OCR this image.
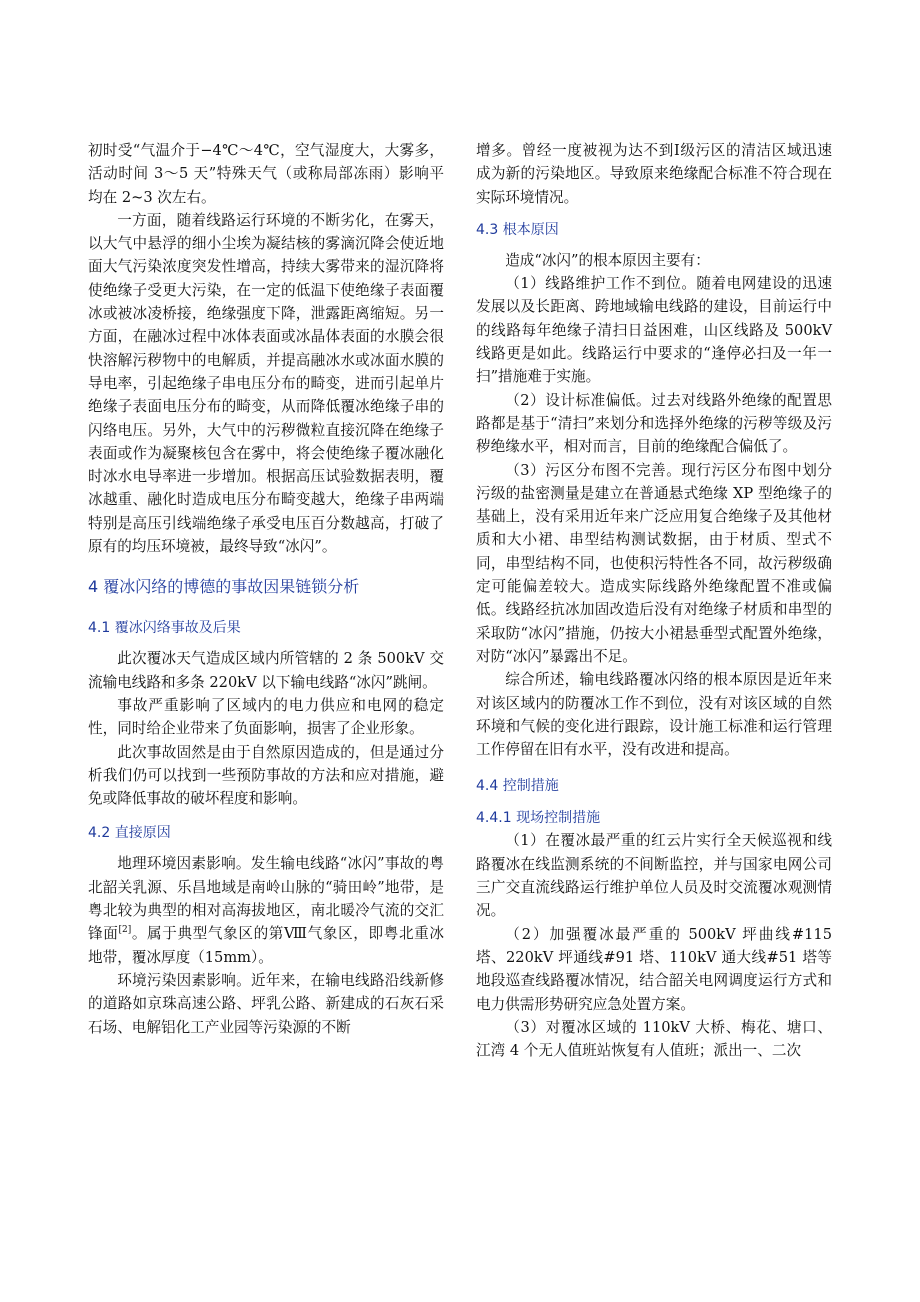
初时受“气温介于−4℃～4℃，空气湿度大，大雾多，活动时间 3～5 天”特殊天气（或称局部冻雨）影响平均在 2~3 次左右。

一方面，随着线路运行环境的不断劣化，在雾天，以大气中悬浮的细小尘埃为凝结核的雾滴沉降会使近地面大气污染浓度突发性增高，持续大雾带来的湿沉降将使绝缘子受更大污染，在一定的低温下使绝缘子表面覆冰或被冰凌桥接，绝缘强度下降，泄露距离缩短。另一方面，在融冰过程中冰体表面或冰晶体表面的水膜会很快溶解污秽物中的电解质，并提高融冰水或冰面水膜的导电率，引起绝缘子串电压分布的畸变，进而引起单片绝缘子表面电压分布的畸变，从而降低覆冰绝缘子串的闪络电压。另外，大气中的污秽微粒直接沉降在绝缘子表面或作为凝聚核包含在雾中，将会使绝缘子覆冰融化时冰水电导率进一步增加。根据高压试验数据表明，覆冰越重、融化时造成电压分布畸变越大，绝缘子串两端特别是高压引线端绝缘子承受电压百分数越高，打破了原有的均压环境被，最终导致“冰闪”。

4 覆冰闪络的博德的事故因果链锁分析
4.1 覆冰闪络事故及后果

此次覆冰天气造成区域内所管辖的 2 条 500kV 交流输电线路和多条 220kV 以下输电线路“冰闪”跳闸。

事故严重影响了区域内的电力供应和电网的稳定性，同时给企业带来了负面影响，损害了企业形象。

此次事故固然是由于自然原因造成的，但是通过分析我们仍可以找到一些预防事故的方法和应对措施，避免或降低事故的破坏程度和影响。

4.2 直接原因

地理环境因素影响。发生输电线路“冰闪”事故的粤北韶关乳源、乐昌地域是南岭山脉的“骑田岭”地带，是粤北较为典型的相对高海拔地区，南北暖冷气流的交汇锋面[2]。属于典型气象区的第Ⅷ气象区，即粤北重冰地带，覆冰厚度（15mm）。

环境污染因素影响。近年来，在输电线路沿线新修的道路如京珠高速公路、坪乳公路、新建成的石灰石采石场、电解铝化工产业园等污染源的不断

增多。曾经一度被视为达不到Ⅰ级污区的清洁区域迅速成为新的污染地区。导致原来绝缘配合标准不符合现在实际环境情况。

4.3 根本原因

造成“冰闪”的根本原因主要有：

（1）线路维护工作不到位。随着电网建设的迅速发展以及长距离、跨地域输电线路的建设，目前运行中的线路每年绝缘子清扫日益困难，山区线路及 500kV 线路更是如此。线路运行中要求的“逢停必扫及一年一扫”措施难于实施。

（2）设计标准偏低。过去对线路外绝缘的配置思路都是基于“清扫”来划分和选择外绝缘的污秽等级及污秽绝缘水平，相对而言，目前的绝缘配合偏低了。

（3）污区分布图不完善。现行污区分布图中划分污级的盐密测量是建立在普通悬式绝缘 XP 型绝缘子的基础上，没有采用近年来广泛应用复合绝缘子及其他材质和大小裙、串型结构测试数据，由于材质、型式不同，串型结构不同，也使积污特性各不同，故污秽级确定可能偏差较大。造成实际线路外绝缘配置不准或偏低。线路经抗冰加固改造后没有对绝缘子材质和串型的采取防“冰闪”措施，仍按大小裙悬垂型式配置外绝缘，对防“冰闪”暴露出不足。

综合所述，输电线路覆冰闪络的根本原因是近年来对该区域内的防覆冰工作不到位，没有对该区域的自然环境和气候的变化进行跟踪，设计施工标准和运行管理工作停留在旧有水平，没有改进和提高。

4.4 控制措施
4.4.1 现场控制措施

（1）在覆冰最严重的红云片实行全天候巡视和线路覆冰在线监测系统的不间断监控，并与国家电网公司三广交直流线路运行维护单位人员及时交流覆冰观测情况。

（2）加强覆冰最严重的 500kV 坪曲线#115 塔、220kV 坪通线#91 塔、110kV 通大线#51 塔等地段巡查线路覆冰情况，结合韶关电网调度运行方式和电力供需形势研究应急处置方案。

（3）对覆冰区域的 110kV 大桥、梅花、塘口、江湾 4 个无人值班站恢复有人值班；派出一、二次
